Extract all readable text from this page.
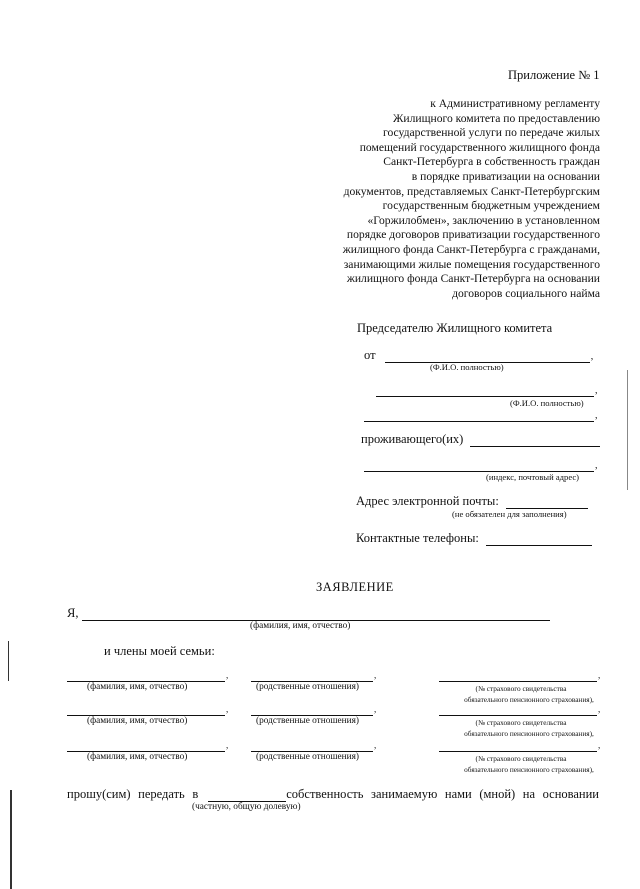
Приложение № 1
к Административному регламенту
Жилищного комитета по предоставлению
государственной услуги по передаче жилых
помещений государственного жилищного фонда
Санкт-Петербурга в собственность граждан
в порядке приватизации на основании
документов, представляемых Санкт-Петербургским
государственным бюджетным учреждением
«Горжилобмен», заключению в установленном
порядке договоров приватизации государственного
жилищного фонда Санкт-Петербурга с гражданами,
занимающими жилые помещения государственного
жилищного фонда Санкт-Петербурга на основании
договоров социального найма
Председателю Жилищного комитета
от	,
(Ф.И.О. полностью)
,
(Ф.И.О. полностью)
,
проживающего(их)
,
(индекс, почтовый адрес)
Адрес электронной почты:
(не обязателен для заполнения)
Контактные телефоны:
ЗАЯВЛЕНИЕ
Я,
(фамилия, имя, отчество)
и члены моей семьи:
,	,	,
(фамилия, имя, отчество)	(родственные отношения)	(№ страхового свидетельства
обязательного пенсионного страхования),
,	,	,
(фамилия, имя, отчество)	(родственные отношения)	(№ страхового свидетельства
обязательного пенсионного страхования),
,	,	,
(фамилия, имя, отчество)	(родственные отношения)	(№ страхового свидетельства
обязательного пенсионного страхования),
прошу(сим) передать в	собственность занимаемую нами (мной) на основании
(частную, общую долевую)
